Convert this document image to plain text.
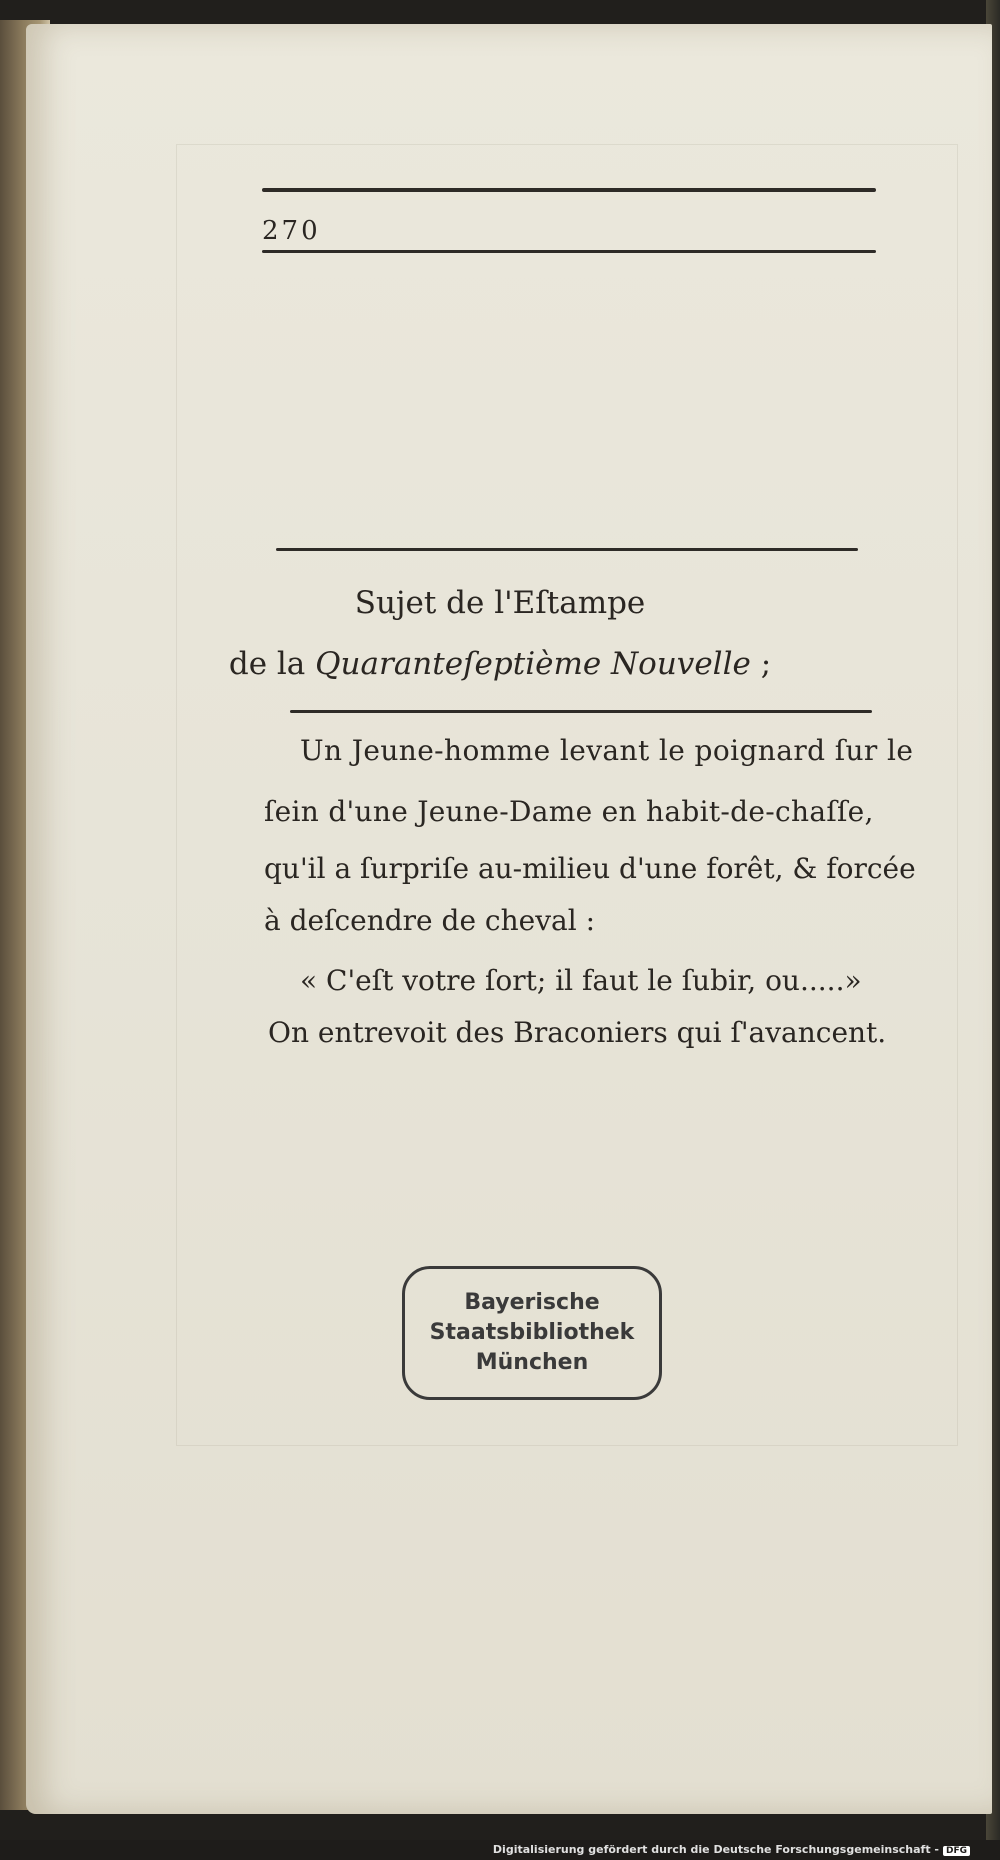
270
Sujet de l'Eſtampe
de la Quaranteſeptième Nouvelle ;
Un Jeune-homme levant le poignard ſur le
ſein d'une Jeune-Dame en habit-de-chaſſe,
qu'il a ſurpriſe au-milieu d'une forêt, & forcée
à deſcendre de cheval :
« C'eſt votre ſort; il faut le ſubir, ou.....»
On entrevoit des Braconiers qui ſ'avancent.
Bayerische
Staatsbibliothek
München
Digitalisierung gefördert durch die Deutsche Forschungsgemeinschaft - DFG
